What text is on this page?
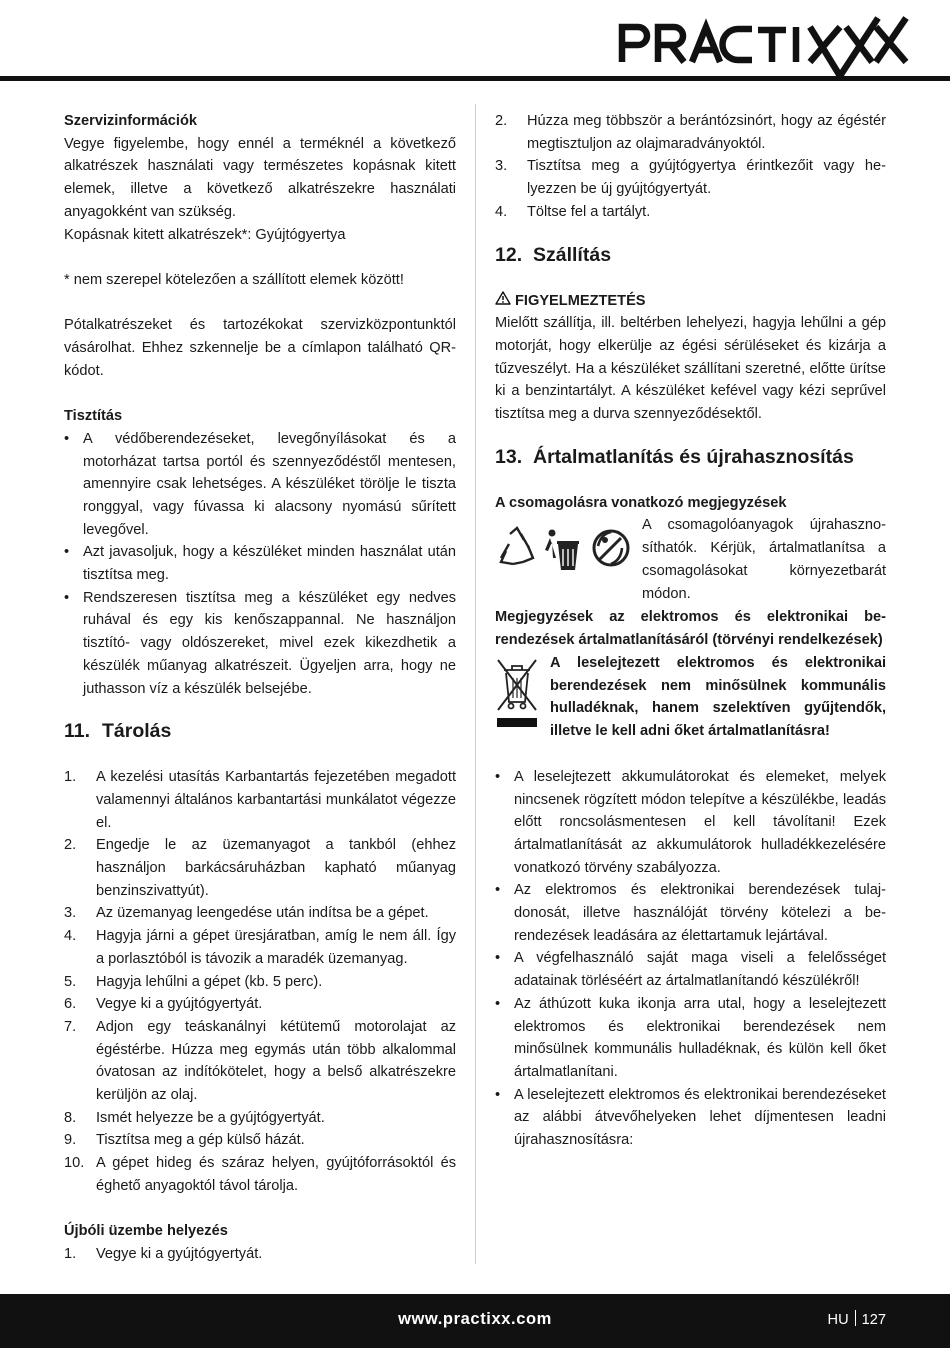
Szervizinformációk

Vegye figyelembe, hogy ennél a terméknél a következő alkatrészek használati vagy természetes kopásnak kitett elemek, illetve a következő alkatrészekre használati anyagokként van szükség.

Kopásnak kitett alkatrészek*: Gyújtógyertya

* nem szerepel kötelezően a szállított elemek között!

Pótalkatrészeket és tartozékokat szervizközpontunktól vásárolhat. Ehhez szkennelje be a címlapon található QR-kódot.

Tisztítás

• A védőberendezéseket, levegőnyílásokat és a motorházat tartsa portól és szennyeződéstől mentesen, amennyire csak lehetséges. A készüléket törölje le tiszta ronggyal, vagy fúvassa ki alacsony nyomású sűrített levegővel.
• Azt javasoljuk, hogy a készüléket minden használat után tisztítsa meg.
• Rendszeresen tisztítsa meg a készüléket egy nedves ruhával és egy kis kenőszappannal. Ne használjon tisztító- vagy oldószereket, mivel ezek kikezdhetik a készülék műanyag alkatrészeit. Ügyeljen arra, hogy ne juthasson víz a készülék belsejébe.
11. Tárolás
1.	A kezelési utasítás Karbantartás fejezetében megadott valamennyi általános karbantartási munkálatot végezze el.
2.	Engedje le az üzemanyagot a tankból (ehhez használjon barkácsáruházban kapható műanyag benzinszivattyút).
3.	Az üzemanyag leengedése után indítsa be a gépet.
4.	Hagyja járni a gépet üresjáratban, amíg le nem áll. Így a porlasztóból is távozik a maradék üzemanyag.
5.	Hagyja lehűlni a gépet (kb. 5 perc).
6.	Vegye ki a gyújtógyertyát.
7.	Adjon egy teáskanálnyi kétütemű motorolajat az égéstérbe. Húzza meg egymás után több alkalommal óvatosan az indítókötelet, hogy a belső alkatrészekre kerüljön az olaj.
8.	Ismét helyezze be a gyújtógyertyát.
9.	Tisztítsa meg a gép külső házát.
10. A gépet hideg és száraz helyen, gyújtóforrásoktól és éghető anyagoktól távol tárolja.

Újbóli üzembe helyezés

1.	Vegye ki a gyújtógyertyát.
2.	Húzza meg többször a berántózsinórt, hogy az égéstér megtisztuljon az olajmaradványoktól.
3.	Tisztítsa meg a gyújtógyertya érintkezőit vagy helyezzen be új gyújtógyertyát.
4.	Töltse fel a tartályt.
12. Szállítás
FIGYELMEZTETÉS

Mielőtt szállítja, ill. beltérben lehelyezi, hagyja lehűlni a gép motorját, hogy elkerülje az égési sérüléseket és kizárja a tűzveszélyt. Ha a készüléket szállítani szeretné, előtte ürítse ki a benzintartályt. A készüléket kefével vagy kézi seprűvel tisztítsa meg a durva szennyeződésektől.

13. Ártalmatlanítás és újrahasznosítás

A csomagolásra vonatkozó megjegyzések

A csomagolóanyagok újrahasznosíthatók. Kérjük, ártalmatlanítsa a csomagolásokat környezetbarát módon.

Megjegyzések az elektromos és elektronikai berendezések ártalmatlanításáról (törvényi rendelkezések)

A leselejtezett elektromos és elektronikai berendezések nem minősülnek kommunális hulladéknak, hanem szelektíven gyűjtendők, illetve le kell adni őket ártalmatlanításra!
• A leselejtezett akkumulátorokat és elemeket, melyek nincsenek rögzített módon telepítve a készülékbe, leadás előtt roncsolásmentesen el kell távolítani! Ezek ártalmatlanítását az akkumulátorok hulladékkezelésére vonatkozó törvény szabályozza.
• Az elektromos és elektronikai berendezések tulajdonosát, illetve használóját törvény kötelezi a berendezések leadására az élettartamuk lejártával.
• A végfelhasználó saját maga viseli a felelősséget adatainak törléséért az ártalmatlanítandó készülékről!
• Az áthúzott kuka ikonja arra utal, hogy a leselejtezett elektromos és elektronikai berendezések nem minősülnek kommunális hulladéknak, és külön kell őket ártalmatlanítani.
• A leselejtezett elektromos és elektronikai berendezéseket az alábbi átvevőhelyeken lehet díjmentesen leadni újrahasznosításra:
www.practixx.com	HU 127
